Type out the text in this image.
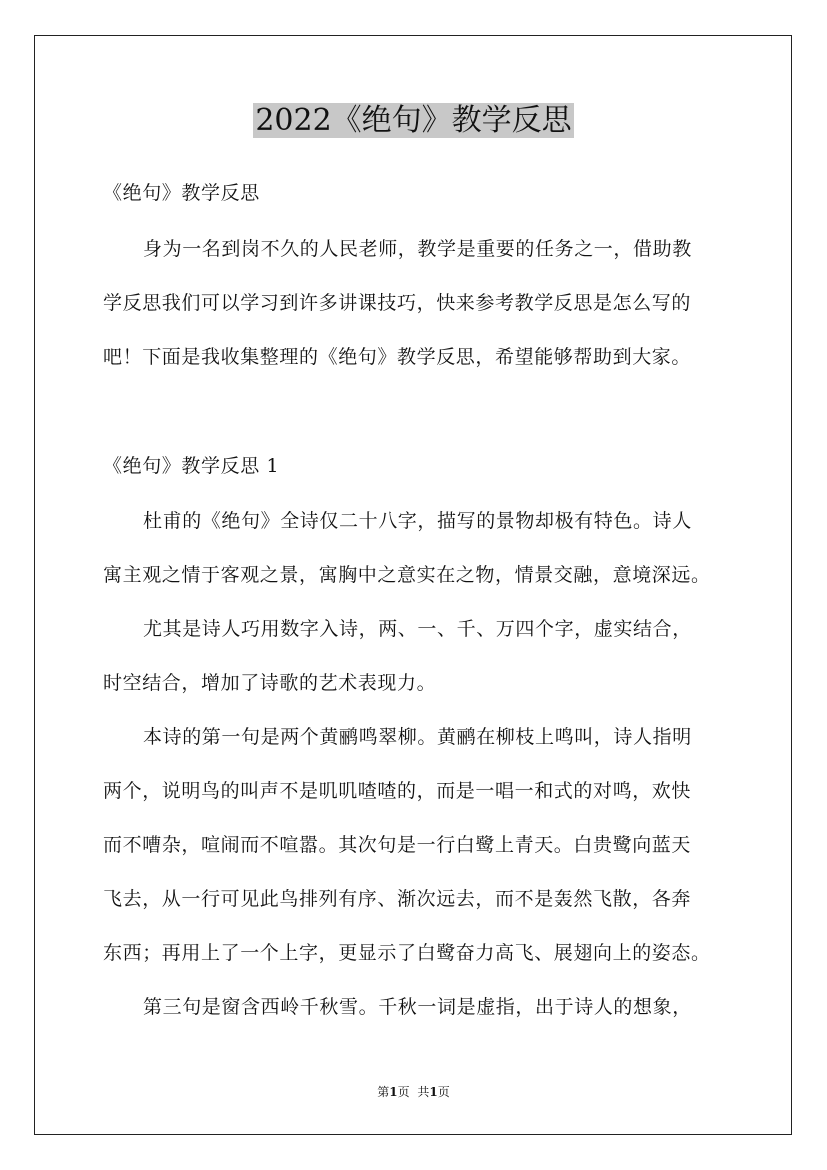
2022《绝句》教学反思
《绝句》教学反思
身为一名到岗不久的人民老师，教学是重要的任务之一，借助教
学反思我们可以学习到许多讲课技巧，快来参考教学反思是怎么写的
吧！下面是我收集整理的《绝句》教学反思，希望能够帮助到大家。
《绝句》教学反思 1
杜甫的《绝句》全诗仅二十八字，描写的景物却极有特色。诗人
寓主观之情于客观之景，寓胸中之意实在之物，情景交融，意境深远。
尤其是诗人巧用数字入诗，两、一、千、万四个字，虚实结合，
时空结合，增加了诗歌的艺术表现力。
本诗的第一句是两个黄鹂鸣翠柳。黄鹂在柳枝上鸣叫，诗人指明
两个，说明鸟的叫声不是叽叽喳喳的，而是一唱一和式的对鸣，欢快
而不嘈杂，喧闹而不喧嚣。其次句是一行白鹭上青天。白贵鹭向蓝天
飞去，从一行可见此鸟排列有序、渐次远去，而不是轰然飞散，各奔
东西；再用上了一个上字，更显示了白鹭奋力高飞、展翅向上的姿态。
第三句是窗含西岭千秋雪。千秋一词是虚指，出于诗人的想象，
第1页 共1页
